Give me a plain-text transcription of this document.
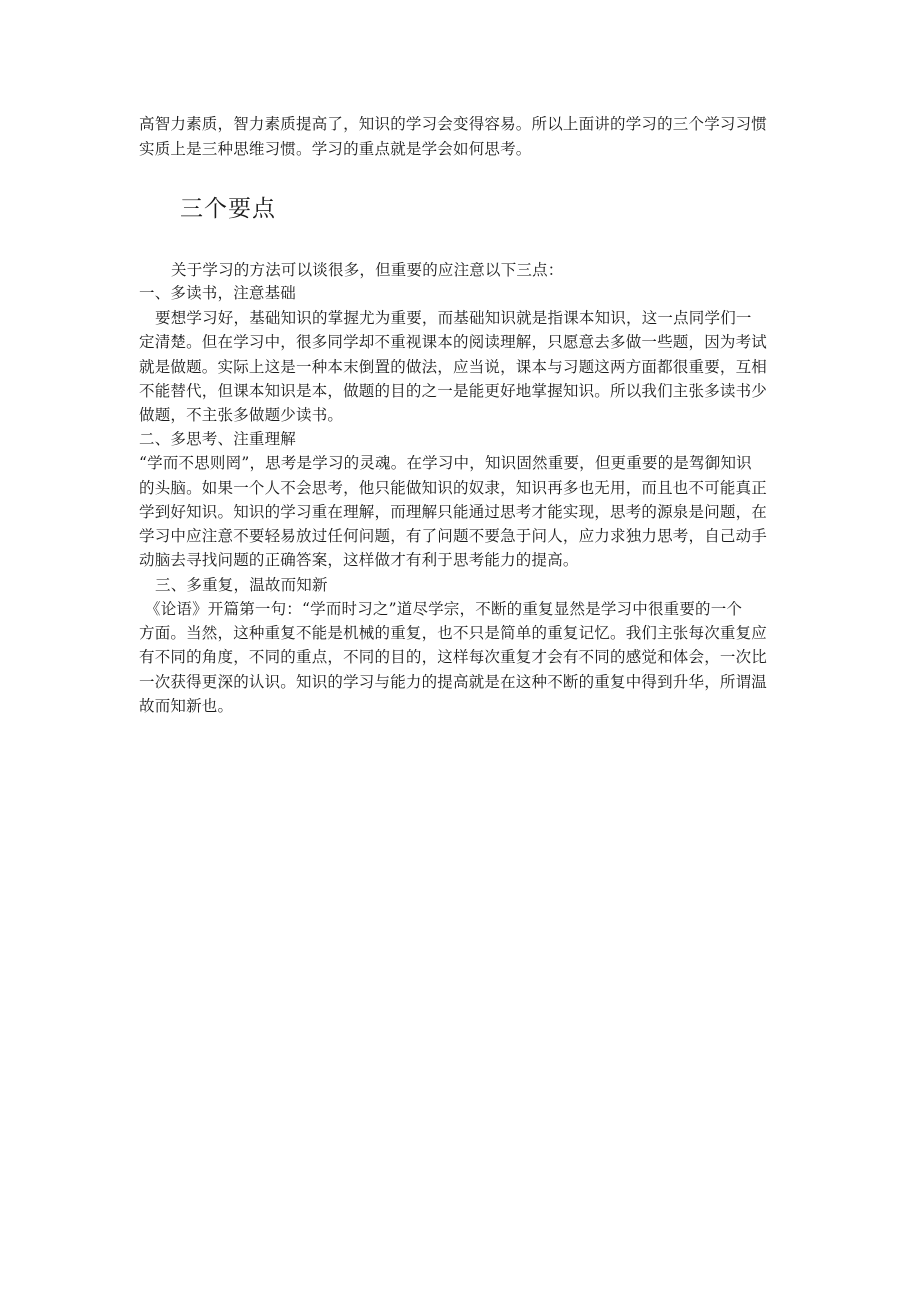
高智力素质，智力素质提高了，知识的学习会变得容易。所以上面讲的学习的三个学习习惯
实质上是三种思维习惯。学习的重点就是学会如何思考。
三个要点
关于学习的方法可以谈很多，但重要的应注意以下三点：
一、多读书，注意基础
要想学习好，基础知识的掌握尤为重要，而基础知识就是指课本知识，这一点同学们一
定清楚。但在学习中，很多同学却不重视课本的阅读理解，只愿意去多做一些题，因为考试
就是做题。实际上这是一种本末倒置的做法，应当说，课本与习题这两方面都很重要，互相
不能替代，但课本知识是本，做题的目的之一是能更好地掌握知识。所以我们主张多读书少
做题，不主张多做题少读书。
二、多思考、注重理解
“学而不思则罔”，思考是学习的灵魂。在学习中，知识固然重要，但更重要的是驾御知识
的头脑。如果一个人不会思考，他只能做知识的奴隶，知识再多也无用，而且也不可能真正
学到好知识。知识的学习重在理解，而理解只能通过思考才能实现，思考的源泉是问题，在
学习中应注意不要轻易放过任何问题，有了问题不要急于问人，应力求独力思考，自己动手
动脑去寻找问题的正确答案，这样做才有利于思考能力的提高。
三、多重复，温故而知新
《论语》开篇第一句：“学而时习之”道尽学宗，不断的重复显然是学习中很重要的一个
方面。当然，这种重复不能是机械的重复，也不只是简单的重复记忆。我们主张每次重复应
有不同的角度，不同的重点，不同的目的，这样每次重复才会有不同的感觉和体会，一次比
一次获得更深的认识。知识的学习与能力的提高就是在这种不断的重复中得到升华，所谓温
故而知新也。
